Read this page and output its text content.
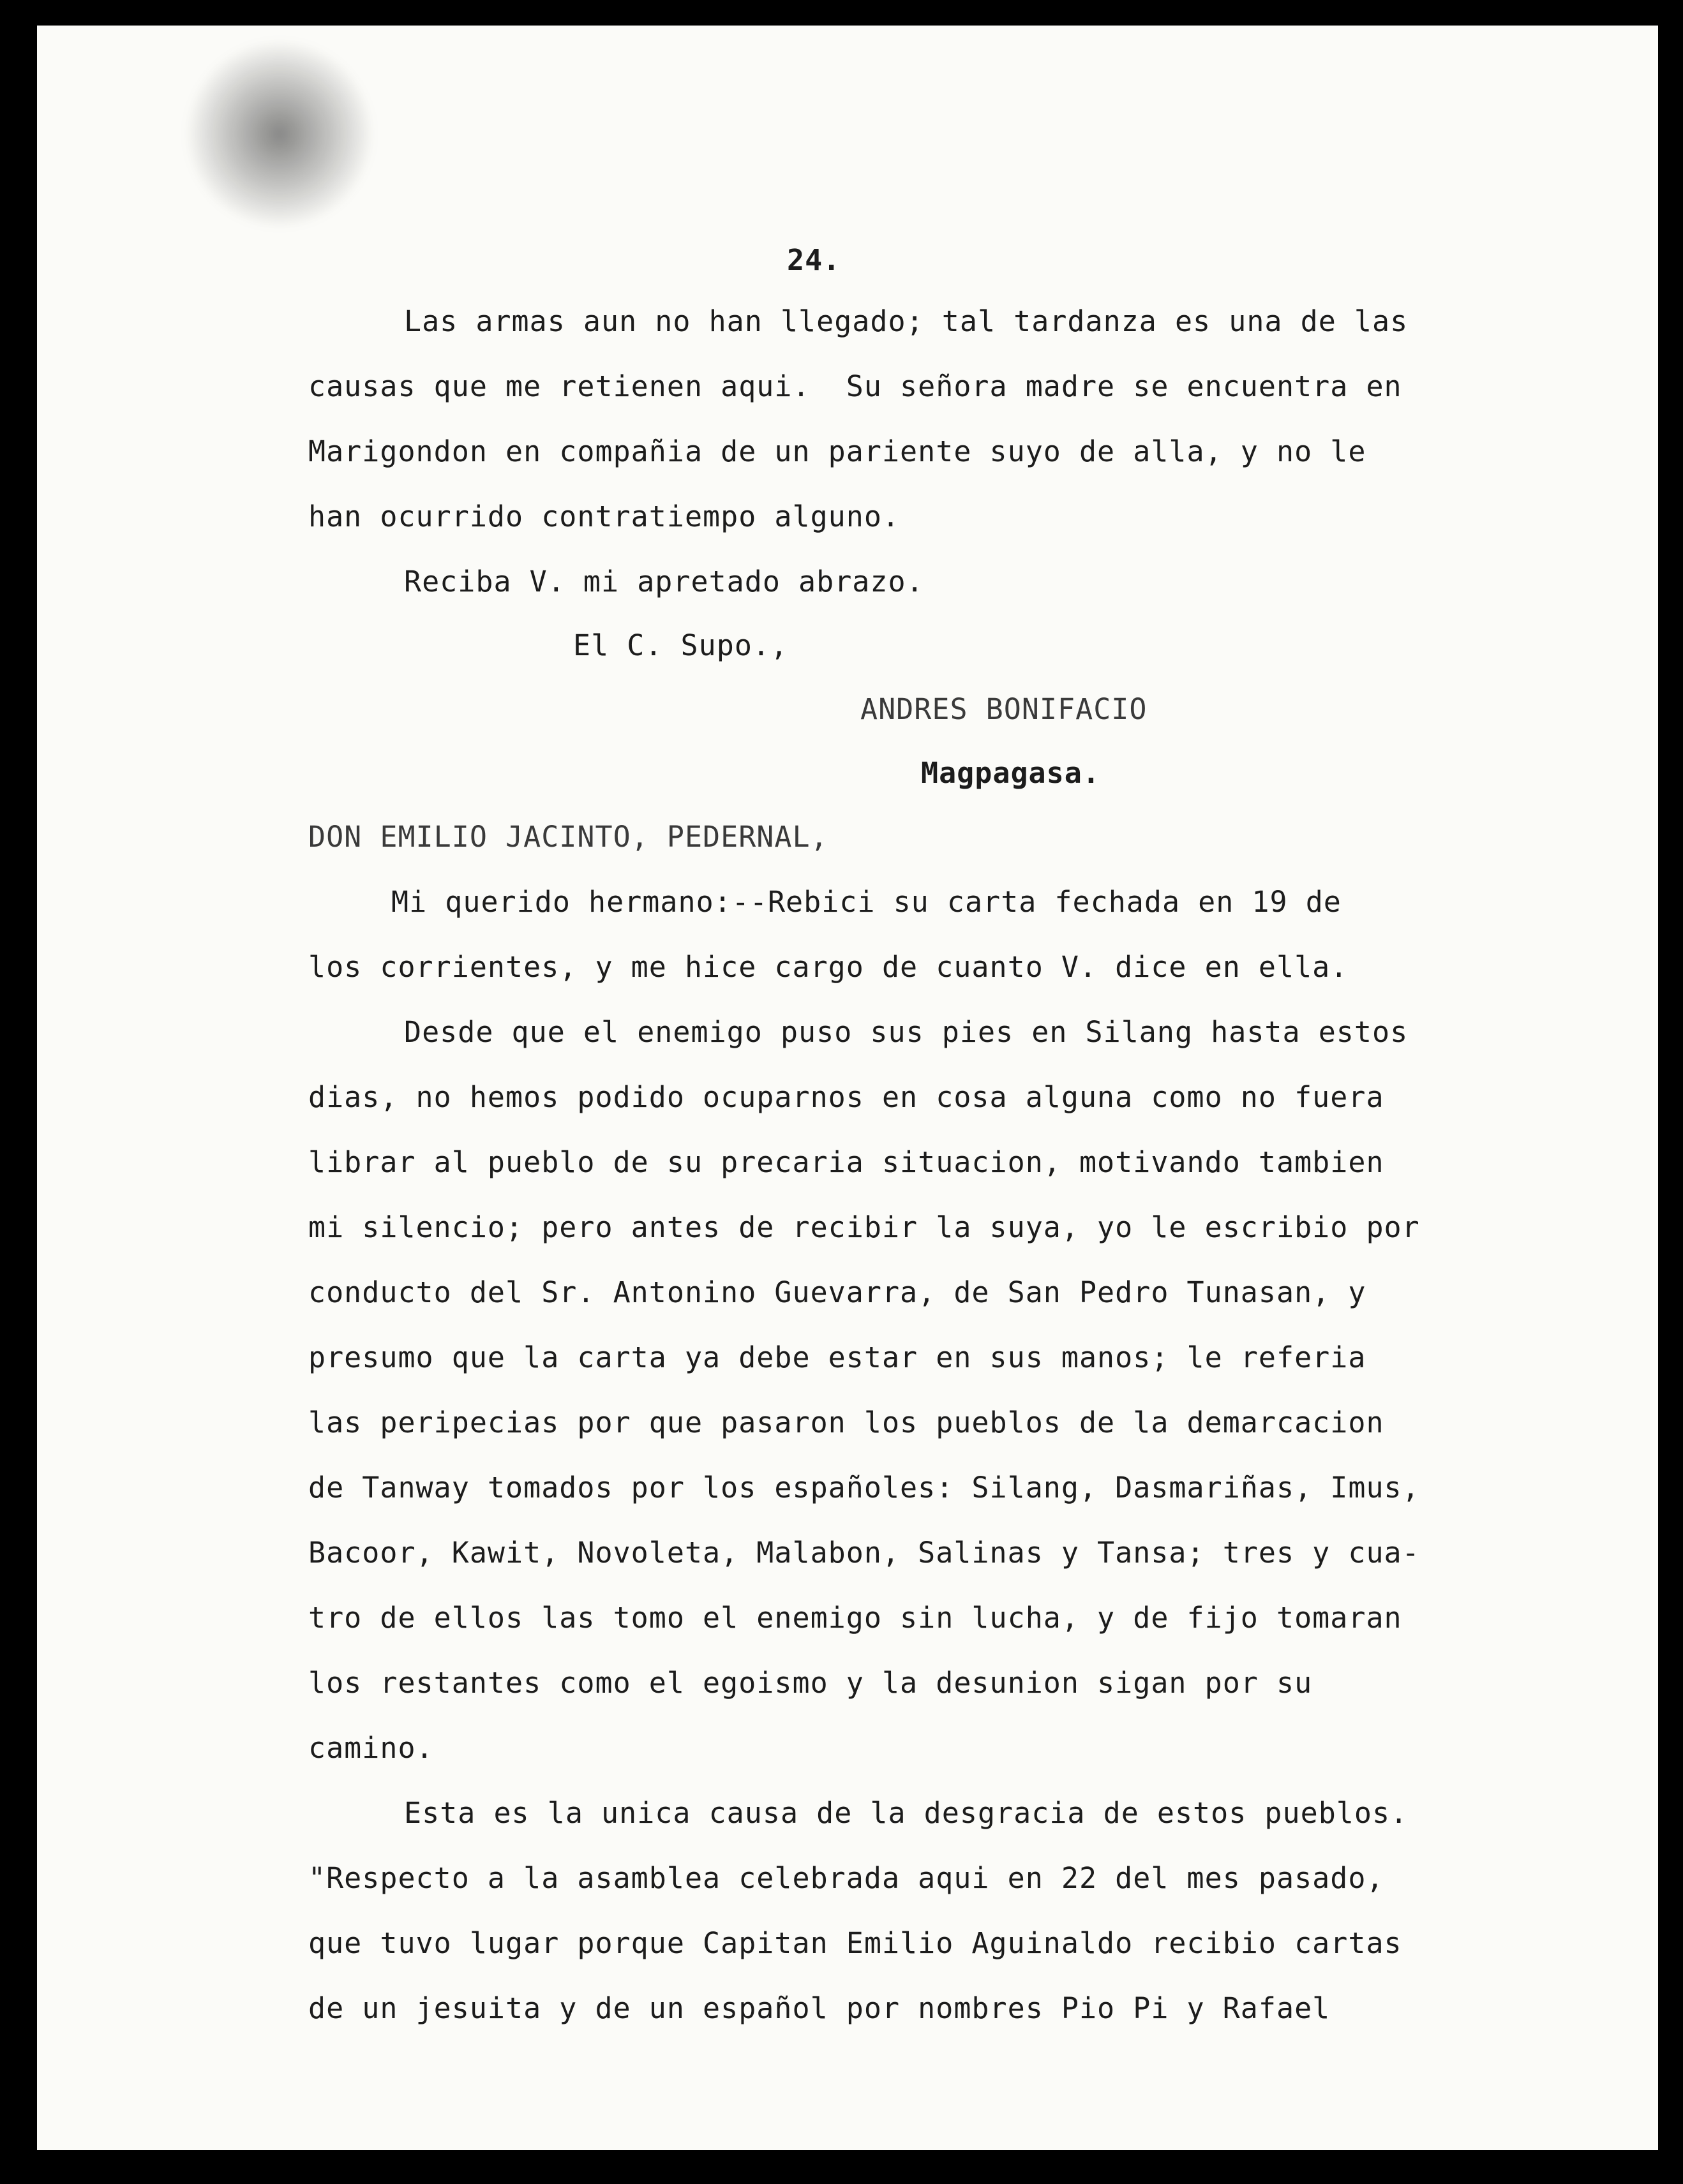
24.
Las armas aun no han llegado; tal tardanza es una de las
causas que me retienen aqui.  Su señora madre se encuentra en
Marigondon en compañia de un pariente suyo de alla, y no le
han ocurrido contratiempo alguno.
Reciba V. mi apretado abrazo.
El C. Supo.,
ANDRES BONIFACIO
Magpagasa.
DON EMILIO JACINTO, PEDERNAL,
Mi querido hermano:--Rebici su carta fechada en 19 de
los corrientes, y me hice cargo de cuanto V. dice en ella.
Desde que el enemigo puso sus pies en Silang hasta estos
dias, no hemos podido ocuparnos en cosa alguna como no fuera
librar al pueblo de su precaria situacion, motivando tambien
mi silencio; pero antes de recibir la suya, yo le escribio por
conducto del Sr. Antonino Guevarra, de San Pedro Tunasan, y
presumo que la carta ya debe estar en sus manos; le referia
las peripecias por que pasaron los pueblos de la demarcacion
de Tanway tomados por los españoles: Silang, Dasmariñas, Imus,
Bacoor, Kawit, Novoleta, Malabon, Salinas y Tansa; tres y cua-
tro de ellos las tomo el enemigo sin lucha, y de fijo tomaran
los restantes como el egoismo y la desunion sigan por su
camino.
Esta es la unica causa de la desgracia de estos pueblos.
"Respecto a la asamblea celebrada aqui en 22 del mes pasado,
que tuvo lugar porque Capitan Emilio Aguinaldo recibio cartas
de un jesuita y de un español por nombres Pio Pi y Rafael
